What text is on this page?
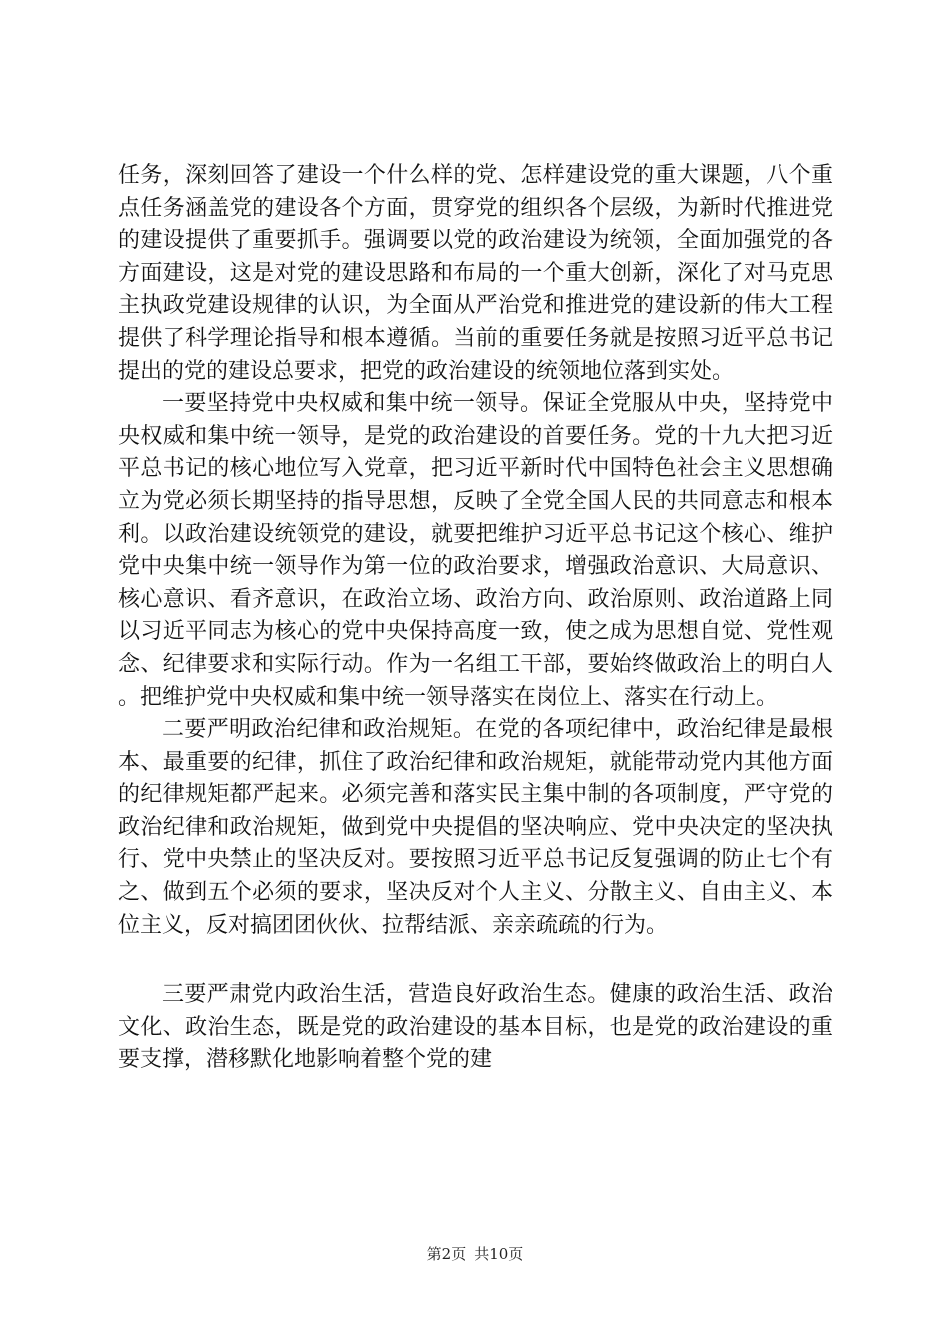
任务，深刻回答了建设一个什么样的党、怎样建设党的重大课题，八个重点任务涵盖党的建设各个方面，贯穿党的组织各个层级，为新时代推进党的建设提供了重要抓手。强调要以党的政治建设为统领，全面加强党的各方面建设，这是对党的建设思路和布局的一个重大创新，深化了对马克思主执政党建设规律的认识，为全面从严治党和推进党的建设新的伟大工程提供了科学理论指导和根本遵循。当前的重要任务就是按照习近平总书记提出的党的建设总要求，把党的政治建设的统领地位落到实处。

一要坚持党中央权威和集中统一领导。保证全党服从中央，坚持党中央权威和集中统一领导，是党的政治建设的首要任务。党的十九大把习近平总书记的核心地位写入党章，把习近平新时代中国特色社会主义思想确立为党必须长期坚持的指导思想，反映了全党全国人民的共同意志和根本利。以政治建设统领党的建设，就要把维护习近平总书记这个核心、维护党中央集中统一领导作为第一位的政治要求，增强政治意识、大局意识、核心意识、看齐意识，在政治立场、政治方向、政治原则、政治道路上同以习近平同志为核心的党中央保持高度一致，使之成为思想自觉、党性观念、纪律要求和实际行动。作为一名组工干部，要始终做政治上的明白人。把维护党中央权威和集中统一领导落实在岗位上、落实在行动上。

二要严明政治纪律和政治规矩。在党的各项纪律中，政治纪律是最根本、最重要的纪律，抓住了政治纪律和政治规矩，就能带动党内其他方面的纪律规矩都严起来。必须完善和落实民主集中制的各项制度，严守党的政治纪律和政治规矩，做到党中央提倡的坚决响应、党中央决定的坚决执行、党中央禁止的坚决反对。要按照习近平总书记反复强调的防止七个有之、做到五个必须的要求，坚决反对个人主义、分散主义、自由主义、本位主义，反对搞团团伙伙、拉帮结派、亲亲疏疏的行为。

三要严肃党内政治生活，营造良好政治生态。健康的政治生活、政治文化、政治生态，既是党的政治建设的基本目标，也是党的政治建设的重要支撑，潜移默化地影响着整个党的建

第2页 共10页
